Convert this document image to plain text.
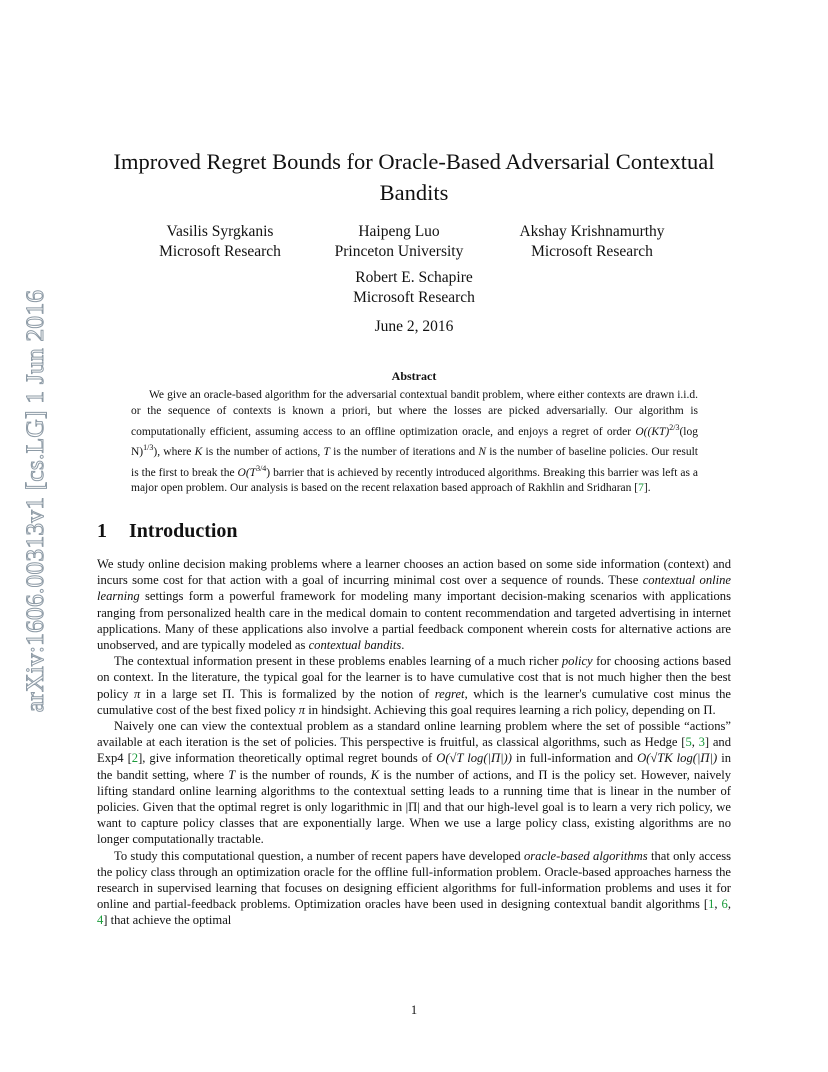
arXiv:1606.00313v1 [cs.LG] 1 Jun 2016
Improved Regret Bounds for Oracle-Based Adversarial Contextual Bandits
Vasilis Syrgkanis
Microsoft Research
Haipeng Luo
Princeton University
Akshay Krishnamurthy
Microsoft Research
Robert E. Schapire
Microsoft Research
June 2, 2016
Abstract

We give an oracle-based algorithm for the adversarial contextual bandit problem, where either contexts are drawn i.i.d. or the sequence of contexts is known a priori, but where the losses are picked adversarially. Our algorithm is computationally efficient, assuming access to an offline optimization oracle, and enjoys a regret of order O((KT)$^{2/3}$(log N)$^{1/3}$), where K is the number of actions, T is the number of iterations and N is the number of baseline policies. Our result is the first to break the $O(T^{3/4})$ barrier that is achieved by recently introduced algorithms. Breaking this barrier was left as a major open problem. Our analysis is based on the recent relaxation based approach of Rakhlin and Sridharan [7].

1 Introduction

We study online decision making problems where a learner chooses an action based on some side information (context) and incurs some cost for that action with a goal of incurring minimal cost over a sequence of rounds. These contextual online learning settings form a powerful framework for modeling many important decision-making scenarios with applications ranging from personalized health care in the medical domain to content recommendation and targeted advertising in internet applications. Many of these applications also involve a partial feedback component wherein costs for alternative actions are unobserved, and are typically modeled as contextual bandits.

The contextual information present in these problems enables learning of a much richer policy for choosing actions based on context. In the literature, the typical goal for the learner is to have cumulative cost that is not much higher then the best policy π in a large set Π. This is formalized by the notion of regret, which is the learner's cumulative cost minus the cumulative cost of the best fixed policy π in hindsight. Achieving this goal requires learning a rich policy, depending on Π.

Naively one can view the contextual problem as a standard online learning problem where the set of possible “actions” available at each iteration is the set of policies. This perspective is fruitful, as classical algorithms, such as Hedge [5, 3] and Exp4 [2], give information theoretically optimal regret bounds of O(√T log(|Π|)) in full-information and O(√TK log(|Π|) in the bandit setting, where T is the number of rounds, K is the number of actions, and Π is the policy set. However, naively lifting standard online learning algorithms to the contextual setting leads to a running time that is linear in the number of policies. Given that the optimal regret is only logarithmic in |Π| and that our high-level goal is to learn a very rich policy, we want to capture policy classes that are exponentially large. When we use a large policy class, existing algorithms are no longer computationally tractable.

To study this computational question, a number of recent papers have developed oracle-based algorithms that only access the policy class through an optimization oracle for the offline full-information problem. Oracle-based approaches harness the research in supervised learning that focuses on designing efficient algorithms for full-information problems and uses it for online and partial-feedback problems. Optimization oracles have been used in designing contextual bandit algorithms [1, 6, 4] that achieve the optimal

1
